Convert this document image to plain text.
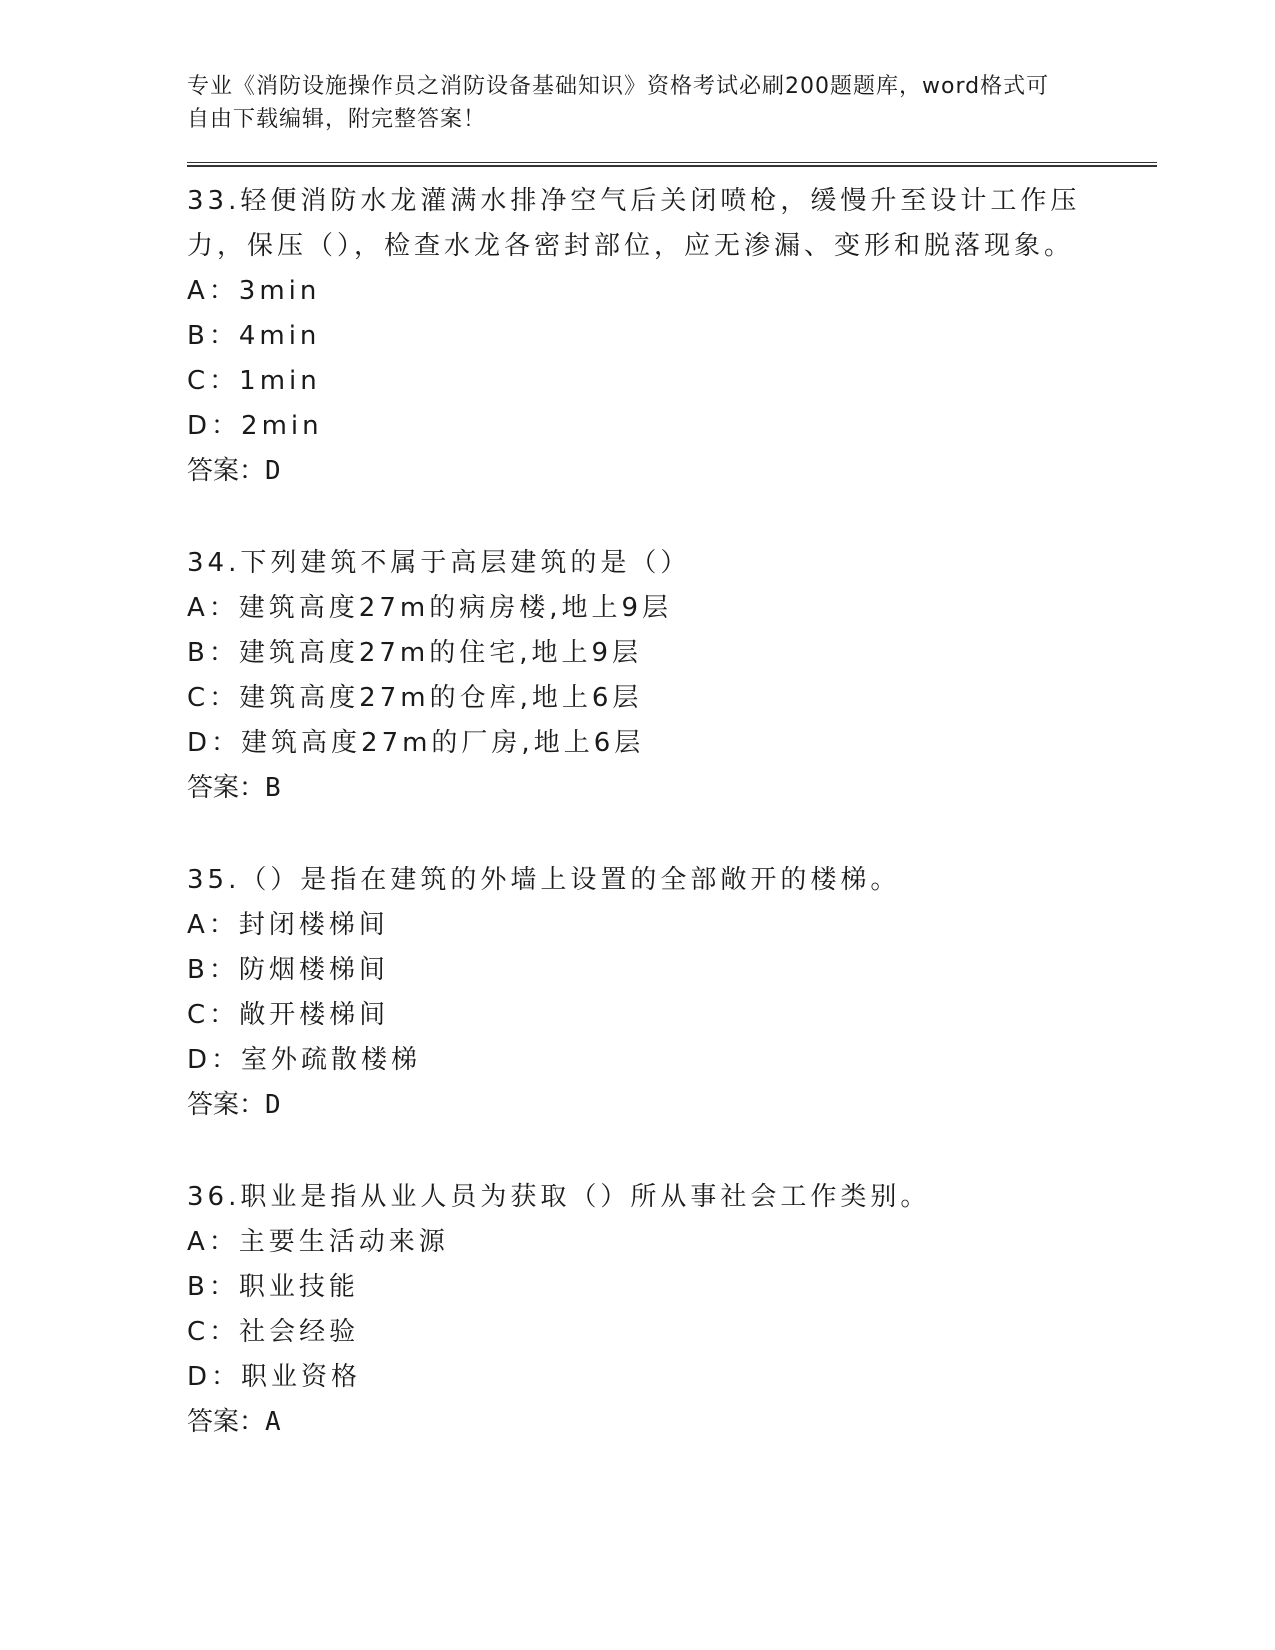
专业《消防设施操作员之消防设备基础知识》资格考试必刷200题题库，word格式可自由下载编辑，附完整答案！

33.轻便消防水龙灌满水排净空气后关闭喷枪，缓慢升至设计工作压力，保压（），检查水龙各密封部位，应无渗漏、变形和脱落现象。

A：3min

B：4min

C：1min

D：2min

答案：D

34.下列建筑不属于高层建筑的是（）

A：建筑高度27m的病房楼,地上9层

B：建筑高度27m的住宅,地上9层

C：建筑高度27m的仓库,地上6层

D：建筑高度27m的厂房,地上6层

答案：B

35.（）是指在建筑的外墙上设置的全部敞开的楼梯。

A：封闭楼梯间

B：防烟楼梯间

C：敞开楼梯间

D：室外疏散楼梯

答案：D

36.职业是指从业人员为获取（）所从事社会工作类别。

A：主要生活动来源

B：职业技能

C：社会经验

D：职业资格

答案：A
